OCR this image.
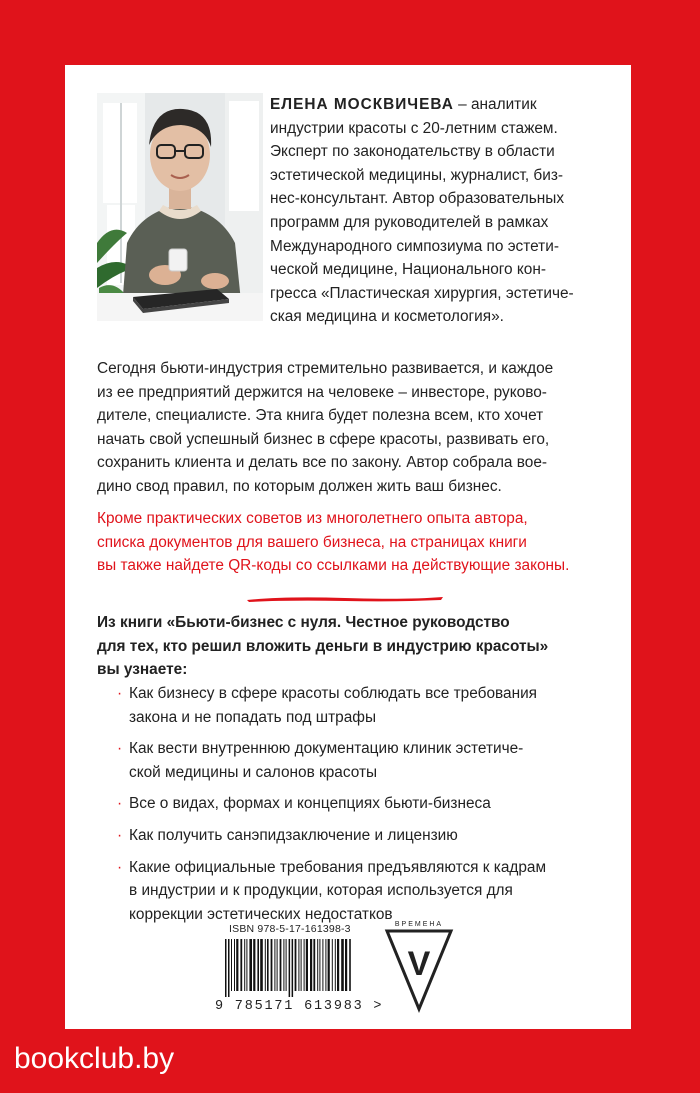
ЕЛЕНА МОСКВИЧЕВА – аналитик

индустрии красоты с 20-летним стажем.

Эксперт по законодательству в области

эстетической медицины, журналист, биз-

нес-консультант. Автор образовательных

программ для руководителей в рамках

Международного симпозиума по эстети-

ческой медицине, Национального кон-

гресса «Пластическая хирургия, эстетиче-

ская медицина и косметология».

Сегодня бьюти-индустрия стремительно развивается, и каждое
из ее предприятий держится на человеке – инвесторе, руково-
дителе, специалисте. Эта книга будет полезна всем, кто хочет
начать свой успешный бизнес в сфере красоты, развивать его,
сохранить клиента и делать все по закону. Автор собрала вое-
дино свод правил, по которым должен жить ваш бизнес.
Кроме практических советов из многолетнего опыта автора,
списка документов для вашего бизнеса, на страницах книги
вы также найдете QR-коды со ссылками на действующие законы.
Из книги «Бьюти-бизнес с нуля. Честное руководство
для тех, кто решил вложить деньги в индустрию красоты»
вы узнаете:
· Как бизнесу в сфере красоты соблюдать все требования
закона и не попадать под штрафы
· Как вести внутреннюю документацию клиник эстетиче-
ской медицины и салонов красоты
· Все о видах, формах и концепциях бьюти-бизнеса
· Как получить санэпидзаключение и лицензию
· Какие официальные требования предъявляются к кадрам
в индустрии и к продукции, которая используется для
коррекции эстетических недостатков
ISBN 978-5-17-161398-3
9 785171 613983 >
ВРЕМЕНА
V
bookclub.by
